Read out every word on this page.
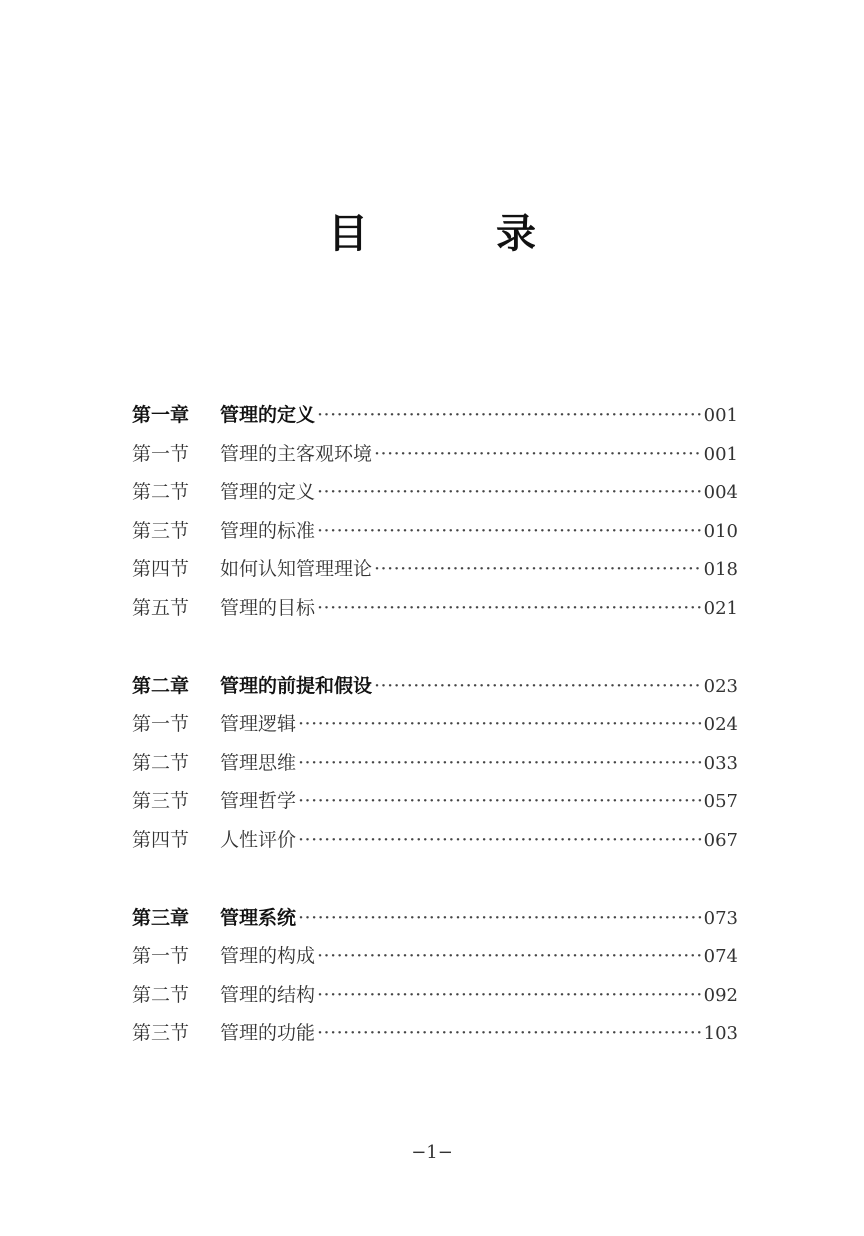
目　录
第一章	管理的定义 ·····	001
第一节	管理的主客观环境 ·····	001
第二节	管理的定义 ·····	004
第三节	管理的标准 ·····	010
第四节	如何认知管理理论 ·····	018
第五节	管理的目标 ·····	021
第二章	管理的前提和假设 ·····	023
第一节	管理逻辑 ·····	024
第二节	管理思维 ·····	033
第三节	管理哲学 ·····	057
第四节	人性评价 ·····	067
第三章	管理系统 ·····	073
第一节	管理的构成 ·····	074
第二节	管理的结构 ·····	092
第三节	管理的功能 ·····	103
−1−
